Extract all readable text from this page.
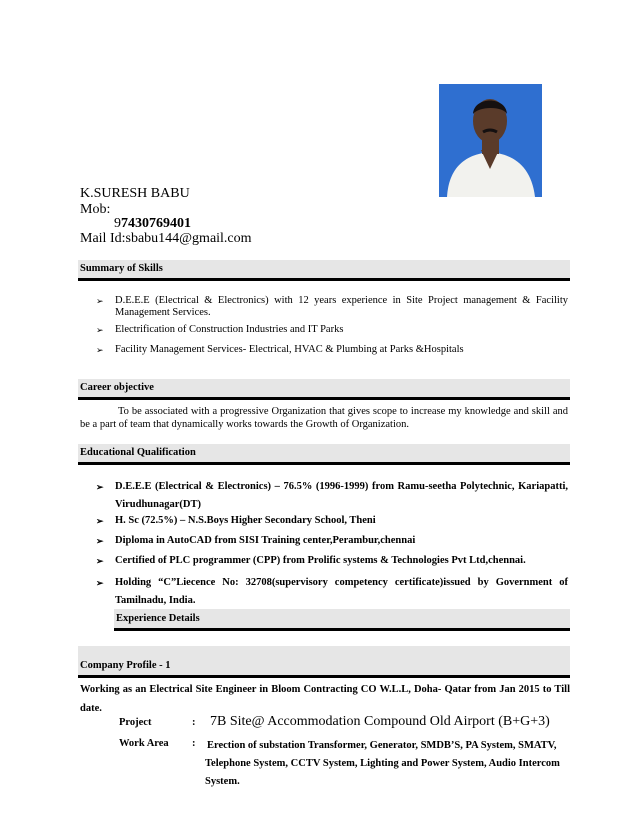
K.SURESH BABU
Mob:
97430769401
Mail Id:sbabu144@gmail.com
Summary of Skills
➢ D.E.E.E (Electrical & Electronics) with 12 years experience in Site Project management & Facility Management Services.
➢ Electrification of Construction Industries and IT Parks
➢ Facility Management Services- Electrical, HVAC & Plumbing at Parks &Hospitals
Career objective
To be associated with a progressive Organization that gives scope to increase my knowledge and skill and be a part of team that dynamically works towards the Growth of Organization.
Educational Qualification
➢ D.E.E.E (Electrical & Electronics) – 76.5% (1996-1999) from Ramu-seetha Polytechnic, Kariapatti, Virudhunagar(DT)
➢ H. Sc (72.5%) – N.S.Boys Higher Secondary School, Theni
➢ Diploma in AutoCAD from SISI Training center,Perambur,chennai
➢ Certified of PLC programmer (CPP) from Prolific systems & Technologies Pvt Ltd,chennai.
➢ Holding “C”Liecence No: 32708(supervisory competency certificate)issued by Government of Tamilnadu, India.
Experience Details
Company Profile - 1
Working as an Electrical Site Engineer in Bloom Contracting CO W.L.L, Doha- Qatar from Jan 2015 to Till date.
Project	: 7B Site@ Accommodation Compound Old Airport (B+G+3)
Work Area : Erection of substation Transformer, Generator, SMDB’S, PA System, SMATV, Telephone System, CCTV System, Lighting and Power System, Audio Intercom System.
